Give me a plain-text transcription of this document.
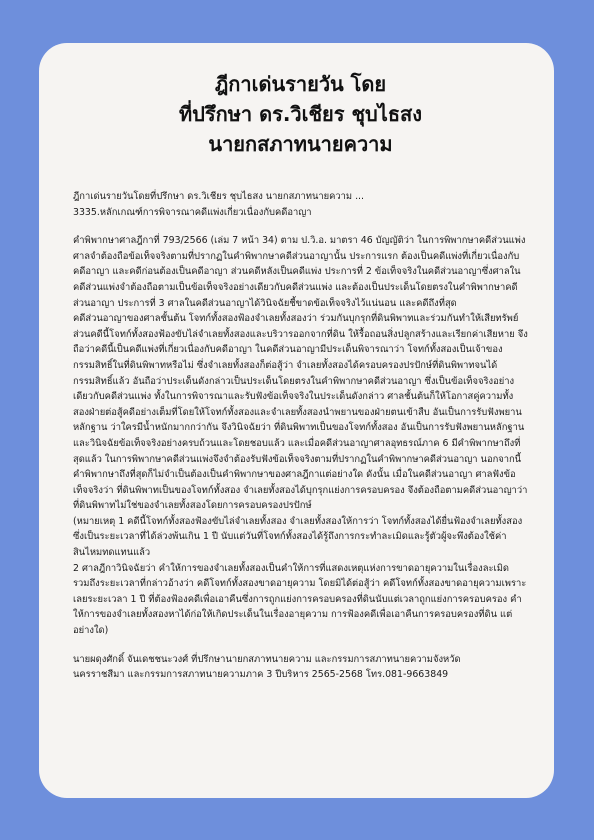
ฎีกาเด่นรายวัน โดย
ที่ปรึกษา ดร.วิเชียร ชุบไธสง
นายกสภาทนายความ

ฎีกาเด่นรายวันโดยที่ปรึกษา ดร.วิเชียร ชุบไธสง นายกสภาทนายความ ...

3335.หลักเกณฑ์การพิจารณาคดีแพ่งเกี่ยวเนื่องกับคดีอาญา

คำพิพากษาศาลฎีกาที่ 793/2566 (เล่ม 7 หน้า 34) ตาม ป.วิ.อ. มาตรา 46 บัญญัติว่า ในการพิพากษาคดีส่วนแพ่ง ศาลจำต้องถือข้อเท็จจริงตามที่ปรากฏในคำพิพากษาคดีส่วนอาญานั้น ประการแรก ต้องเป็นคดีแพ่งที่เกี่ยวเนื่องกับคดีอาญา และคดีก่อนต้องเป็นคดีอาญา ส่วนคดีหลังเป็นคดีแพ่ง ประการที่ 2 ข้อเท็จจริงในคดีส่วนอาญาซึ่งศาลในคดีส่วนแพ่งจำต้องถือตามเป็นข้อเท็จจริงอย่างเดียวกับคดีส่วนแพ่ง และต้องเป็นประเด็นโดยตรงในคำพิพากษาคดีส่วนอาญา ประการที่ 3 ศาลในคดีส่วนอาญาได้วินิจฉัยชี้ขาดข้อเท็จจริงไว้แน่นอน และคดีถึงที่สุด

คดีส่วนอาญาของศาลชั้นต้น โจทก์ทั้งสองฟ้องจำเลยทั้งสองว่า ร่วมกันบุกรุกที่ดินพิพาทและร่วมกันทำให้เสียทรัพย์ ส่วนคดีนี้โจทก์ทั้งสองฟ้องขับไล่จำเลยทั้งสองและบริวารออกจากที่ดิน ให้รื้อถอนสิ่งปลูกสร้างและเรียกค่าเสียหาย จึงถือว่าคดีนี้เป็นคดีแพ่งที่เกี่ยวเนื่องกับคดีอาญา ในคดีส่วนอาญามีประเด็นพิจารณาว่า โจทก์ทั้งสองเป็นเจ้าของกรรมสิทธิ์ในที่ดินพิพาทหรือไม่ ซึ่งจำเลยทั้งสองก็ต่อสู้ว่า จำเลยทั้งสองได้ครอบครองปรปักษ์ที่ดินพิพาทจนได้กรรมสิทธิ์แล้ว อันถือว่าประเด็นดังกล่าวเป็นประเด็นโดยตรงในคำพิพากษาคดีส่วนอาญา ซึ่งเป็นข้อเท็จจริงอย่างเดียวกับคดีส่วนแพ่ง ทั้งในการพิจารณาและรับฟังข้อเท็จจริงในประเด็นดังกล่าว ศาลชั้นต้นก็ให้โอกาสคู่ความทั้งสองฝ่ายต่อสู้คดีอย่างเต็มที่โดยให้โจทก์ทั้งสองและจำเลยทั้งสองนำพยานของฝ่ายตนเข้าสืบ อันเป็นการรับฟังพยานหลักฐาน ว่าใครมีน้ำหนักมากกว่ากัน จึงวินิจฉัยว่า ที่ดินพิพาทเป็นของโจทก์ทั้งสอง อันเป็นการรับฟังพยานหลักฐานและวินิจฉัยข้อเท็จจริงอย่างครบถ้วนและโดยชอบแล้ว และเมื่อคดีส่วนอาญาศาลอุทธรณ์ภาค 6 มีคำพิพากษาถึงที่สุดแล้ว ในการพิพากษาคดีส่วนแพ่งจึงจำต้องรับฟังข้อเท็จจริงตามที่ปรากฏในคำพิพากษาคดีส่วนอาญา นอกจากนี้ คำพิพากษาถึงที่สุดก็ไม่จำเป็นต้องเป็นคำพิพากษาของศาลฎีกาแต่อย่างใด ดังนั้น เมื่อในคดีส่วนอาญา ศาลฟังข้อเท็จจริงว่า ที่ดินพิพาทเป็นของโจทก์ทั้งสอง จำเลยทั้งสองได้บุกรุกแย่งการครอบครอง จึงต้องถือตามคดีส่วนอาญาว่า ที่ดินพิพาทไม่ใช่ของจำเลยทั้งสองโดยการครอบครองปรปักษ์

(หมายเหตุ 1 คดีนี้โจทก์ทั้งสองฟ้องขับไล่จำเลยทั้งสอง จำเลยทั้งสองให้การว่า โจทก์ทั้งสองได้ยื่นฟ้องจำเลยทั้งสองซึ่งเป็นระยะเวลาที่ได้ล่วงพ้นเกิน 1 ปี นับแต่วันที่โจทก์ทั้งสองได้รู้ถึงการกระทำละเมิดและรู้ตัวผู้จะพึงต้องใช้ค่าสินไหมทดแทนแล้ว

2 ศาลฎีกาวินิจฉัยว่า คำให้การของจำเลยทั้งสองเป็นคำให้การที่แสดงเหตุแห่งการขาดอายุความในเรื่องละเมิด รวมถึงระยะเวลาที่กล่าวอ้างว่า คดีโจทก์ทั้งสองขาดอายุความ โดยมิได้ต่อสู้ว่า คดีโจทก์ทั้งสองขาดอายุความเพราะเลยระยะเวลา 1 ปี ที่ต้องฟ้องคดีเพื่อเอาคืนซึ่งการถูกแย่งการครอบครองที่ดินนับแต่เวลาถูกแย่งการครอบครอง คำให้การของจำเลยทั้งสองหาได้ก่อให้เกิดประเด็นในเรื่องอายุความ การฟ้องคดีเพื่อเอาคืนการครอบครองที่ดิน แต่อย่างใด)

นายผดุงศักดิ์ จันเดชชนะวงศ์ ที่ปรึกษานายกสภาทนายความ และกรรมการสภาทนายความจังหวัด

นครราชสีมา และกรรมการสภาทนายความภาค 3 ปีบริหาร 2565-2568 โทร.081-9663849
